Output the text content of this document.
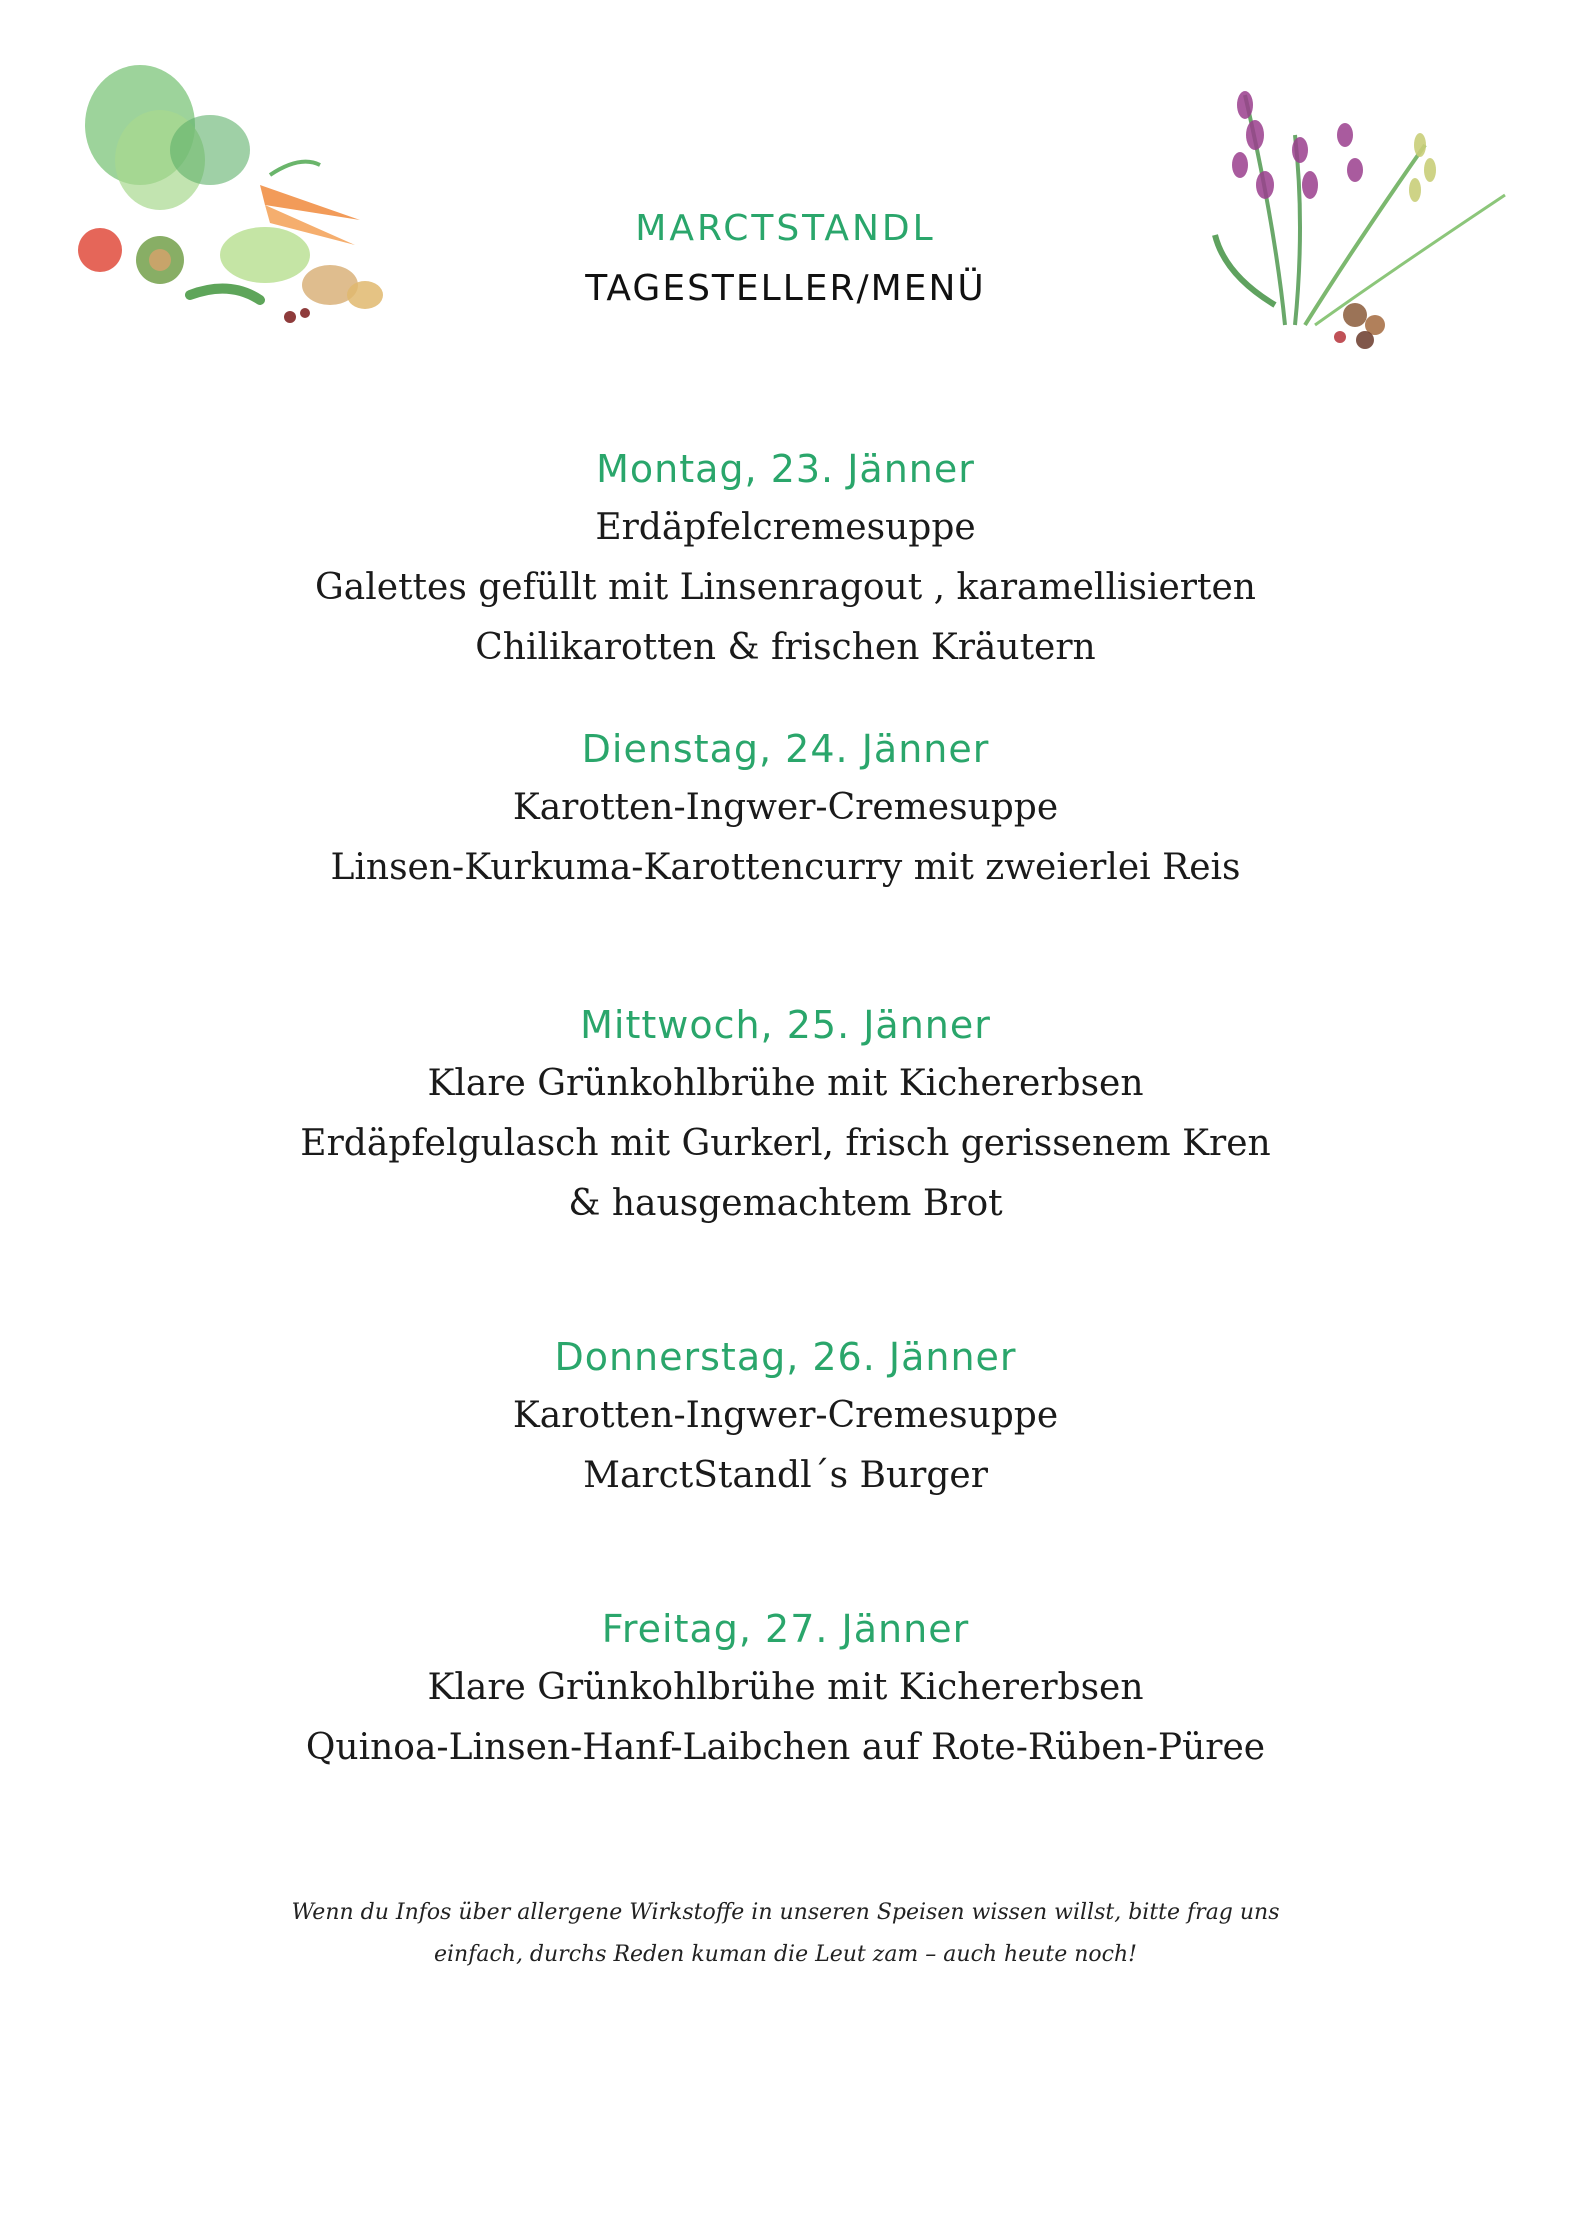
MARCTSTANDL
TAGESTELLER/MENÜ

Montag, 23. Jänner

Erdäpfelcremesuppe

Galettes gefüllt mit Linsenragout , karamellisierten

Chilikarotten & frischen Kräutern

Dienstag, 24. Jänner

Karotten-Ingwer-Cremesuppe

Linsen-Kurkuma-Karottencurry mit zweierlei Reis

Mittwoch, 25. Jänner

Klare Grünkohlbrühe mit Kichererbsen

Erdäpfelgulasch mit Gurkerl, frisch gerissenem Kren

& hausgemachtem Brot

Donnerstag, 26. Jänner

Karotten-Ingwer-Cremesuppe

MarctStandl´s Burger

Freitag, 27. Jänner

Klare Grünkohlbrühe mit Kichererbsen

Quinoa-Linsen-Hanf-Laibchen auf Rote-Rüben-Püree

Wenn du Infos über allergene Wirkstoffe in unseren Speisen wissen willst, bitte frag uns
einfach, durchs Reden kuman die Leut zam – auch heute noch!
